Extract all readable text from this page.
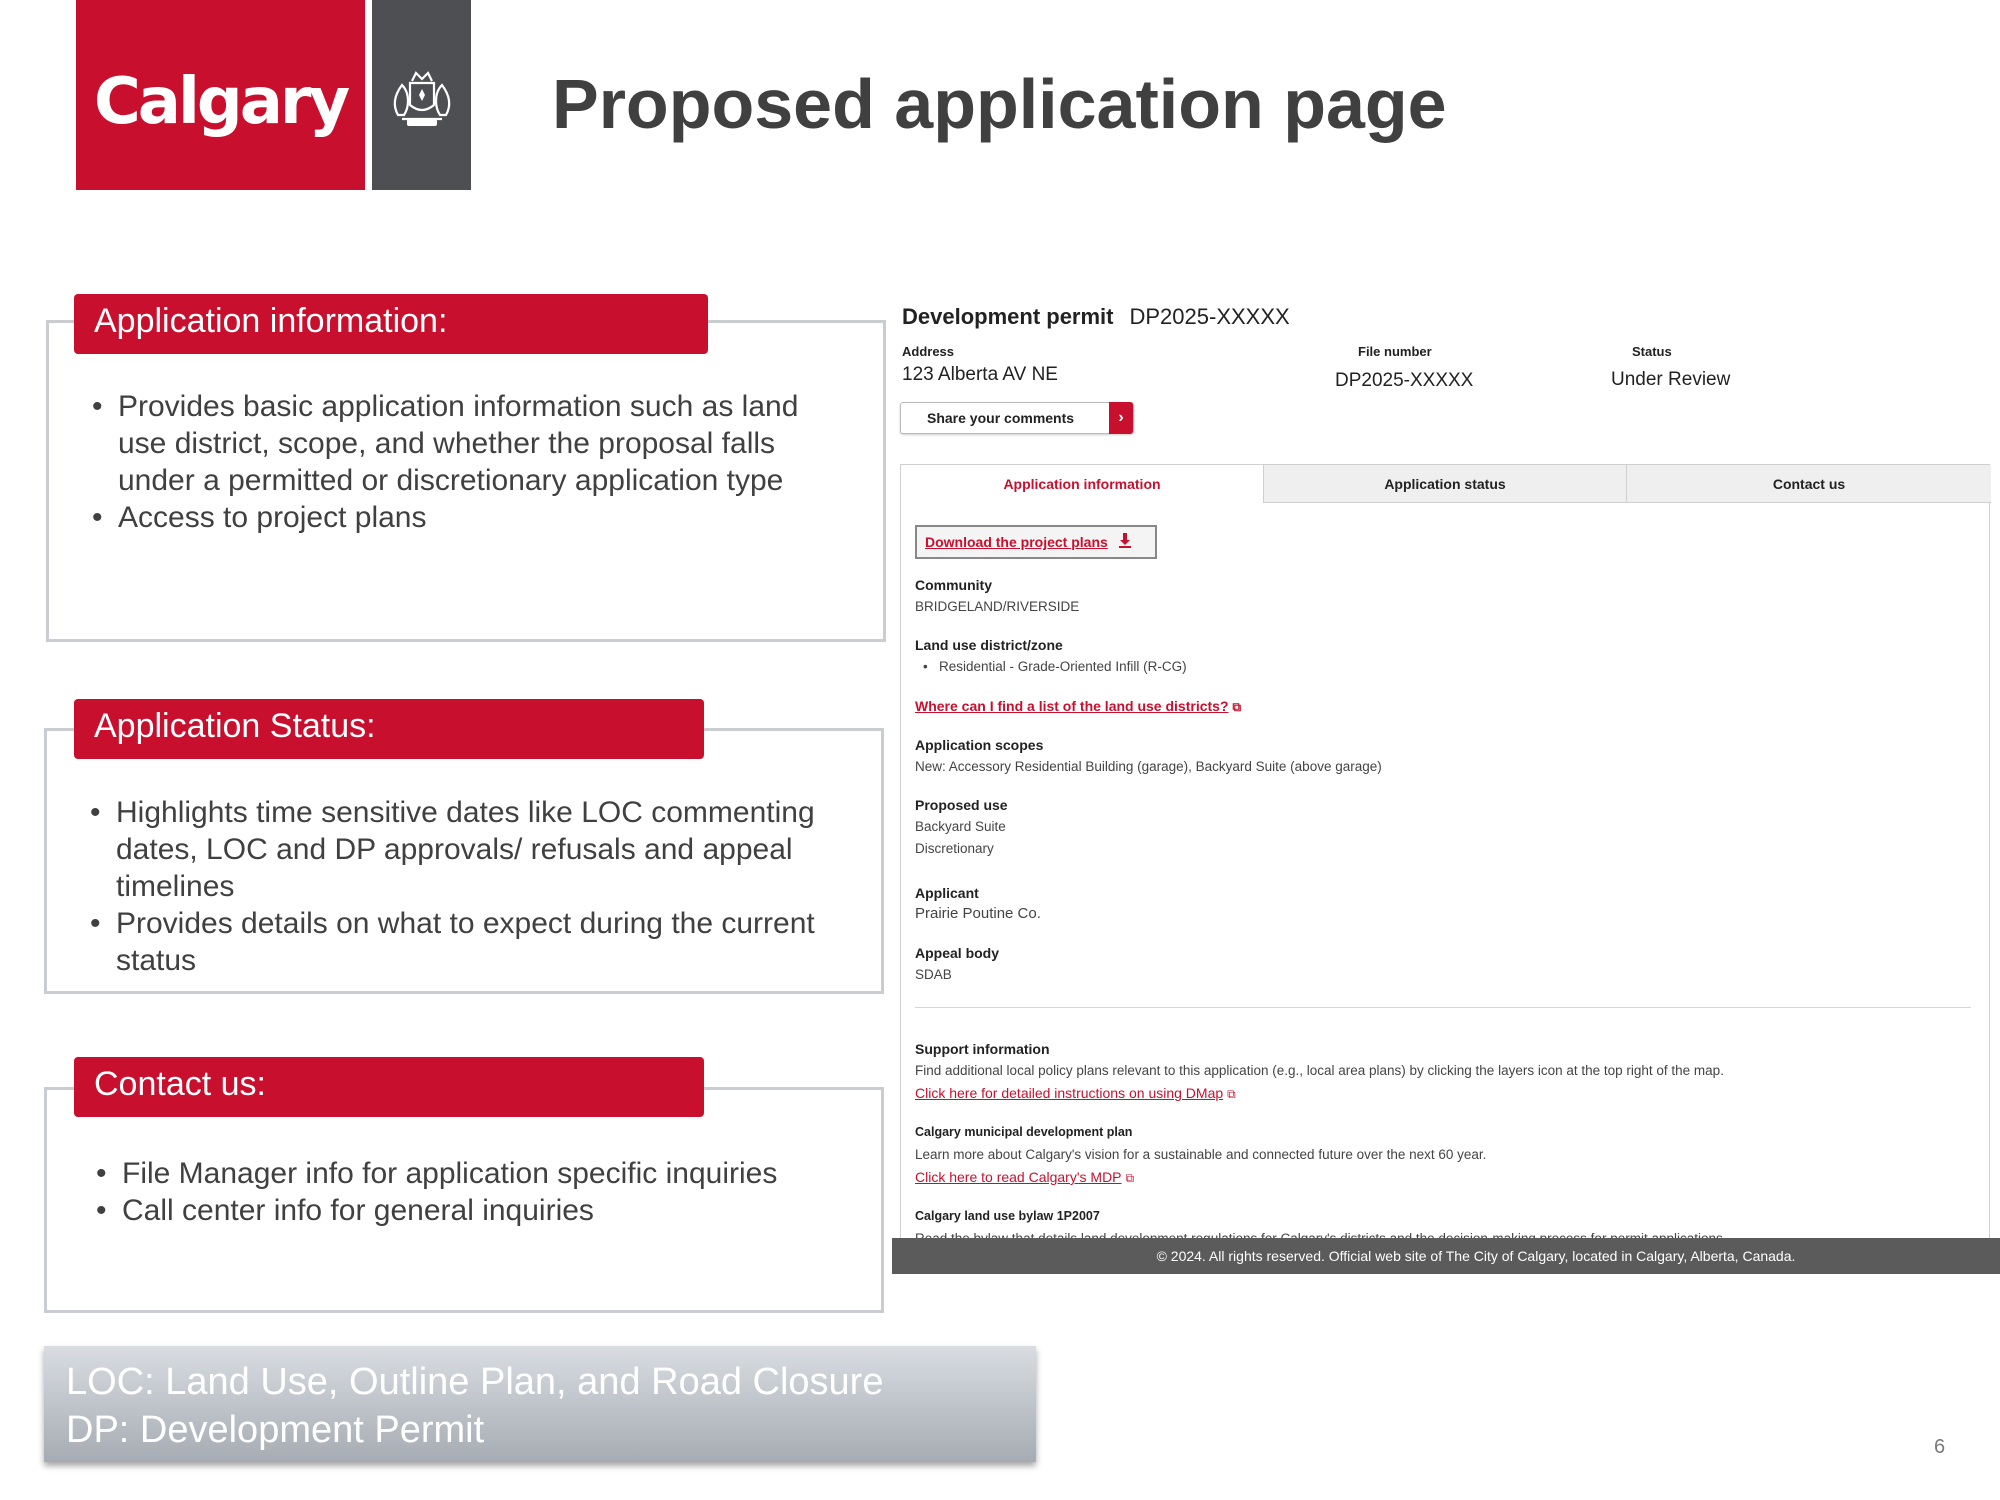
Calgary	Proposed application page
Application information:
• Provides basic application information such as land use district, scope, and whether the proposal falls under a permitted or discretionary application type
• Access to project plans
Application Status:
• Highlights time sensitive dates like LOC commenting dates, LOC and DP approvals/ refusals and appeal timelines
• Provides details on what to expect during the current status
Contact us:
• File Manager info for application specific inquiries
• Call center info for general inquiries
LOC: Land Use, Outline Plan, and Road Closure
DP: Development Permit	6
Development permit DP2025-XXXXX
Address
123 Alberta AV NE
File number
DP2025-XXXXX
Status
Under Review
Share your comments	›
Application information	Application status	Contact us
Download the project plans
Community
BRIDGELAND/RIVERSIDE
Land use district/zone
•   Residential - Grade-Oriented Infill (R-CG)
Where can I find a list of the land use districts? ⧉
Application scopes
New: Accessory Residential Building (garage), Backyard Suite (above garage)
Proposed use
Backyard Suite
Discretionary
Applicant
Prairie Poutine Co.
Appeal body
SDAB
Support information
Find additional local policy plans relevant to this application (e.g., local area plans) by clicking the layers icon at the top right of the map.
Click here for detailed instructions on using DMap ⧉
Calgary municipal development plan
Learn more about Calgary's vision for a sustainable and connected future over the next 60 year.
Click here to read Calgary's MDP ⧉
Calgary land use bylaw 1P2007
© 2024. All rights reserved. Official web site of The City of Calgary, located in Calgary, Alberta, Canada.
